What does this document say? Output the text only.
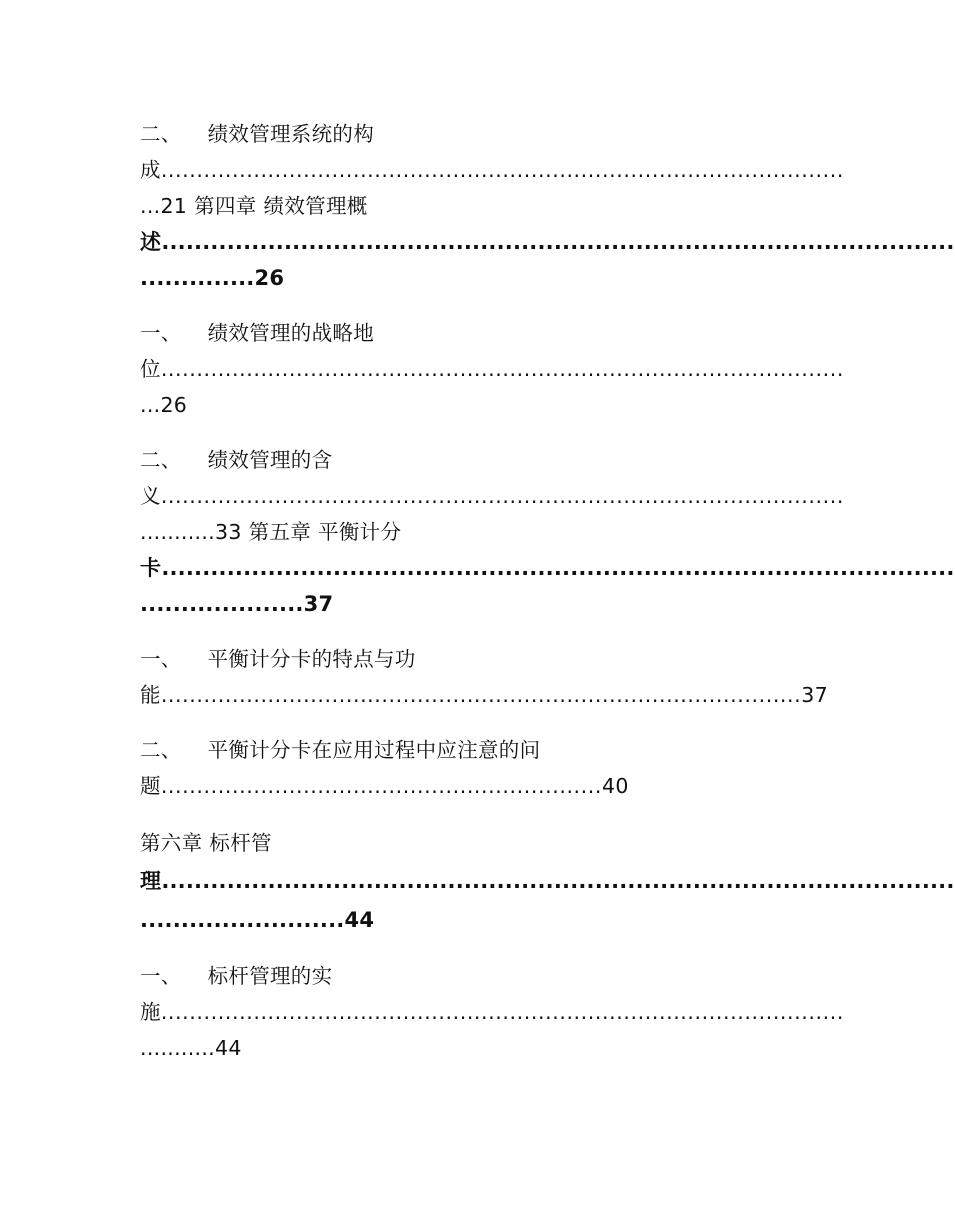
二、 绩效管理系统的构
成................................................................................................
...21 第四章 绩效管理概
述.................................................................................................
..............26
一、 绩效管理的战略地
位................................................................................................
...26
二、 绩效管理的含
义................................................................................................
...........33 第五章 平衡计分
卡.................................................................................................
....................37
一、 平衡计分卡的特点与功
能..........................................................................................37
二、 平衡计分卡在应用过程中应注意的问
题..............................................................40
第六章 标杆管
理.................................................................................................
.........................44
一、 标杆管理的实
施................................................................................................
...........44
